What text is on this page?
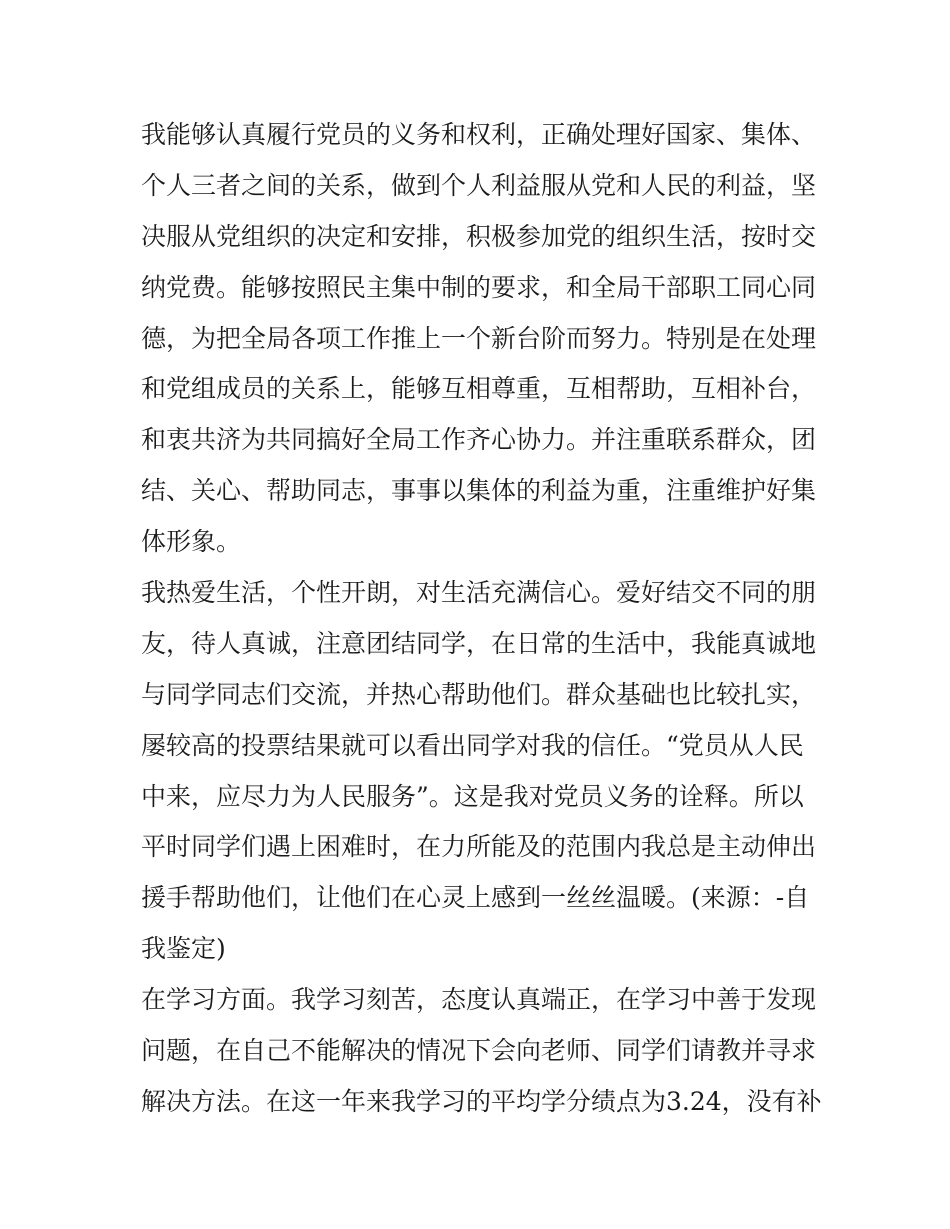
我能够认真履行党员的义务和权利，正确处理好国家、集体、
个人三者之间的关系，做到个人利益服从党和人民的利益，坚
决服从党组织的决定和安排，积极参加党的组织生活，按时交
纳党费。能够按照民主集中制的要求，和全局干部职工同心同
德，为把全局各项工作推上一个新台阶而努力。特别是在处理
和党组成员的关系上，能够互相尊重，互相帮助，互相补台，
和衷共济为共同搞好全局工作齐心协力。并注重联系群众，团
结、关心、帮助同志，事事以集体的利益为重，注重维护好集
体形象。
我热爱生活，个性开朗，对生活充满信心。爱好结交不同的朋
友，待人真诚，注意团结同学，在日常的生活中，我能真诚地
与同学同志们交流，并热心帮助他们。群众基础也比较扎实，
屡较高的投票结果就可以看出同学对我的信任。“党员从人民
中来，应尽力为人民服务”。这是我对党员义务的诠释。所以
平时同学们遇上困难时，在力所能及的范围内我总是主动伸出
援手帮助他们，让他们在心灵上感到一丝丝温暖。(来源：-自
我鉴定)
在学习方面。我学习刻苦，态度认真端正，在学习中善于发现
问题，在自己不能解决的情况下会向老师、同学们请教并寻求
解决方法。在这一年来我学习的平均学分绩点为3.24，没有补
